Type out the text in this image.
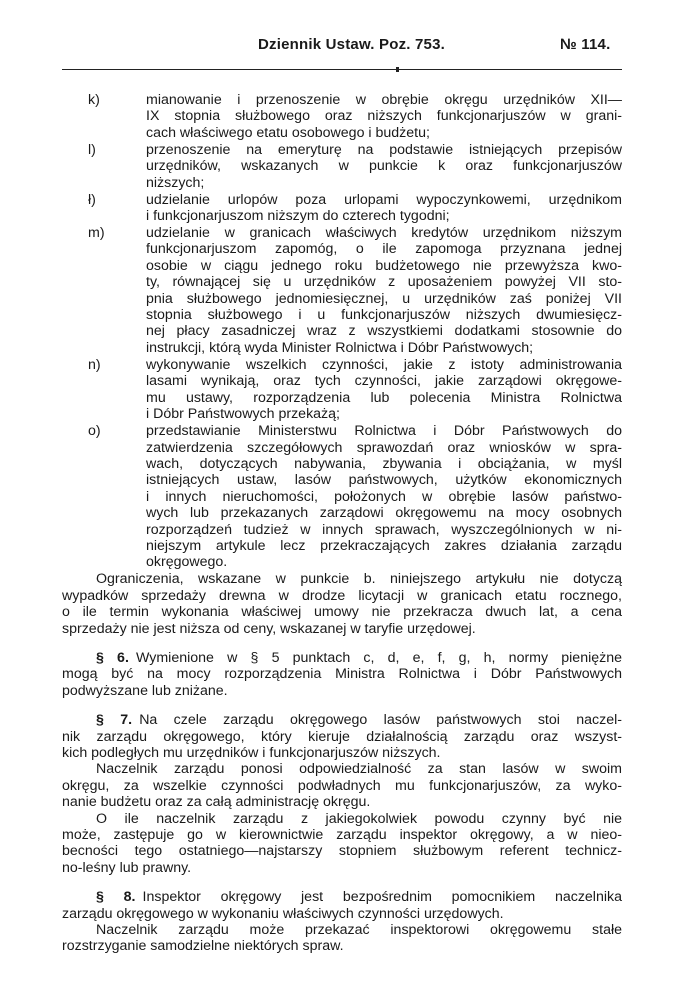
Dziennik Ustaw. Poz. 753.	№ 114.
k)	mianowanie i przenoszenie w obrębie okręgu urzędników XII—
IX stopnia służbowego oraz niższych funkcjonarjuszów w grani-
cach właściwego etatu osobowego i budżetu;
l)	przenoszenie na emeryturę na podstawie istniejących przepisów
urzędników, wskazanych w punkcie k oraz funkcjonarjuszów
niższych;
ł)	udzielanie urlopów poza urlopami wypoczynkowemi, urzędnikom
i funkcjonarjuszom niższym do czterech tygodni;
m)	udzielanie w granicach właściwych kredytów urzędnikom niższym
funkcjonarjuszom zapomóg, o ile zapomoga przyznana jednej
osobie w ciągu jednego roku budżetowego nie przewyższa kwo-
ty, równającej się u urzędników z uposażeniem powyżej VII sto-
pnia służbowego jednomiesięcznej, u urzędników zaś poniżej VII
stopnia służbowego i u funkcjonarjuszów niższych dwumiesięcz-
nej płacy zasadniczej wraz z wszystkiemi dodatkami stosownie do
instrukcji, którą wyda Minister Rolnictwa i Dóbr Państwowych;
n)	wykonywanie wszelkich czynności, jakie z istoty administrowania
lasami wynikają, oraz tych czynności, jakie zarządowi okręgowe-
mu ustawy, rozporządzenia lub polecenia Ministra Rolnictwa
i Dóbr Państwowych przekażą;
o)	przedstawianie Ministerstwu Rolnictwa i Dóbr Państwowych do
zatwierdzenia szczegółowych sprawozdań oraz wniosków w spra-
wach, dotyczących nabywania, zbywania i obciążania, w myśl
istniejących ustaw, lasów państwowych, użytków ekonomicznych
i innych nieruchomości, położonych w obrębie lasów państwo-
wych lub przekazanych zarządowi okręgowemu na mocy osobnych
rozporządzeń tudzież w innych sprawach, wyszczególnionych w ni-
niejszym artykule lecz przekraczających zakres działania zarządu
okręgowego.
Ograniczenia, wskazane w punkcie b. niniejszego artykułu nie dotyczą
wypadków sprzedaży drewna w drodze licytacji w granicach etatu rocznego,
o ile termin wykonania właściwej umowy nie przekracza dwuch lat, a cena
sprzedaży nie jest niższa od ceny, wskazanej w taryfie urzędowej.
§ 6.  Wymienione w § 5 punktach c, d, e, f, g, h, normy pieniężne
mogą być na mocy rozporządzenia Ministra Rolnictwa i Dóbr Państwowych
podwyższane lub zniżane.
§ 7.  Na czele zarządu okręgowego lasów państwowych stoi naczel-
nik zarządu okręgowego, który kieruje działalnością zarządu oraz wszyst-
kich podległych mu urzędników i funkcjonarjuszów niższych.
Naczelnik zarządu ponosi odpowiedzialność za stan lasów w swoim
okręgu, za wszelkie czynności podwładnych mu funkcjonarjuszów, za wyko-
nanie budżetu oraz za całą administrację okręgu.
O ile naczelnik zarządu z jakiegokolwiek powodu czynny być nie
może, zastępuje go w kierownictwie zarządu inspektor okręgowy, a w nieo-
becności tego ostatniego—najstarszy stopniem służbowym referent technicz-
no-leśny lub prawny.
§ 8.  Inspektor okręgowy jest bezpośrednim pomocnikiem naczelnika
zarządu okręgowego w wykonaniu właściwych czynności urzędowych.
Naczelnik zarządu może przekazać inspektorowi okręgowemu stałe
rozstrzyganie samodzielne niektórych spraw.
